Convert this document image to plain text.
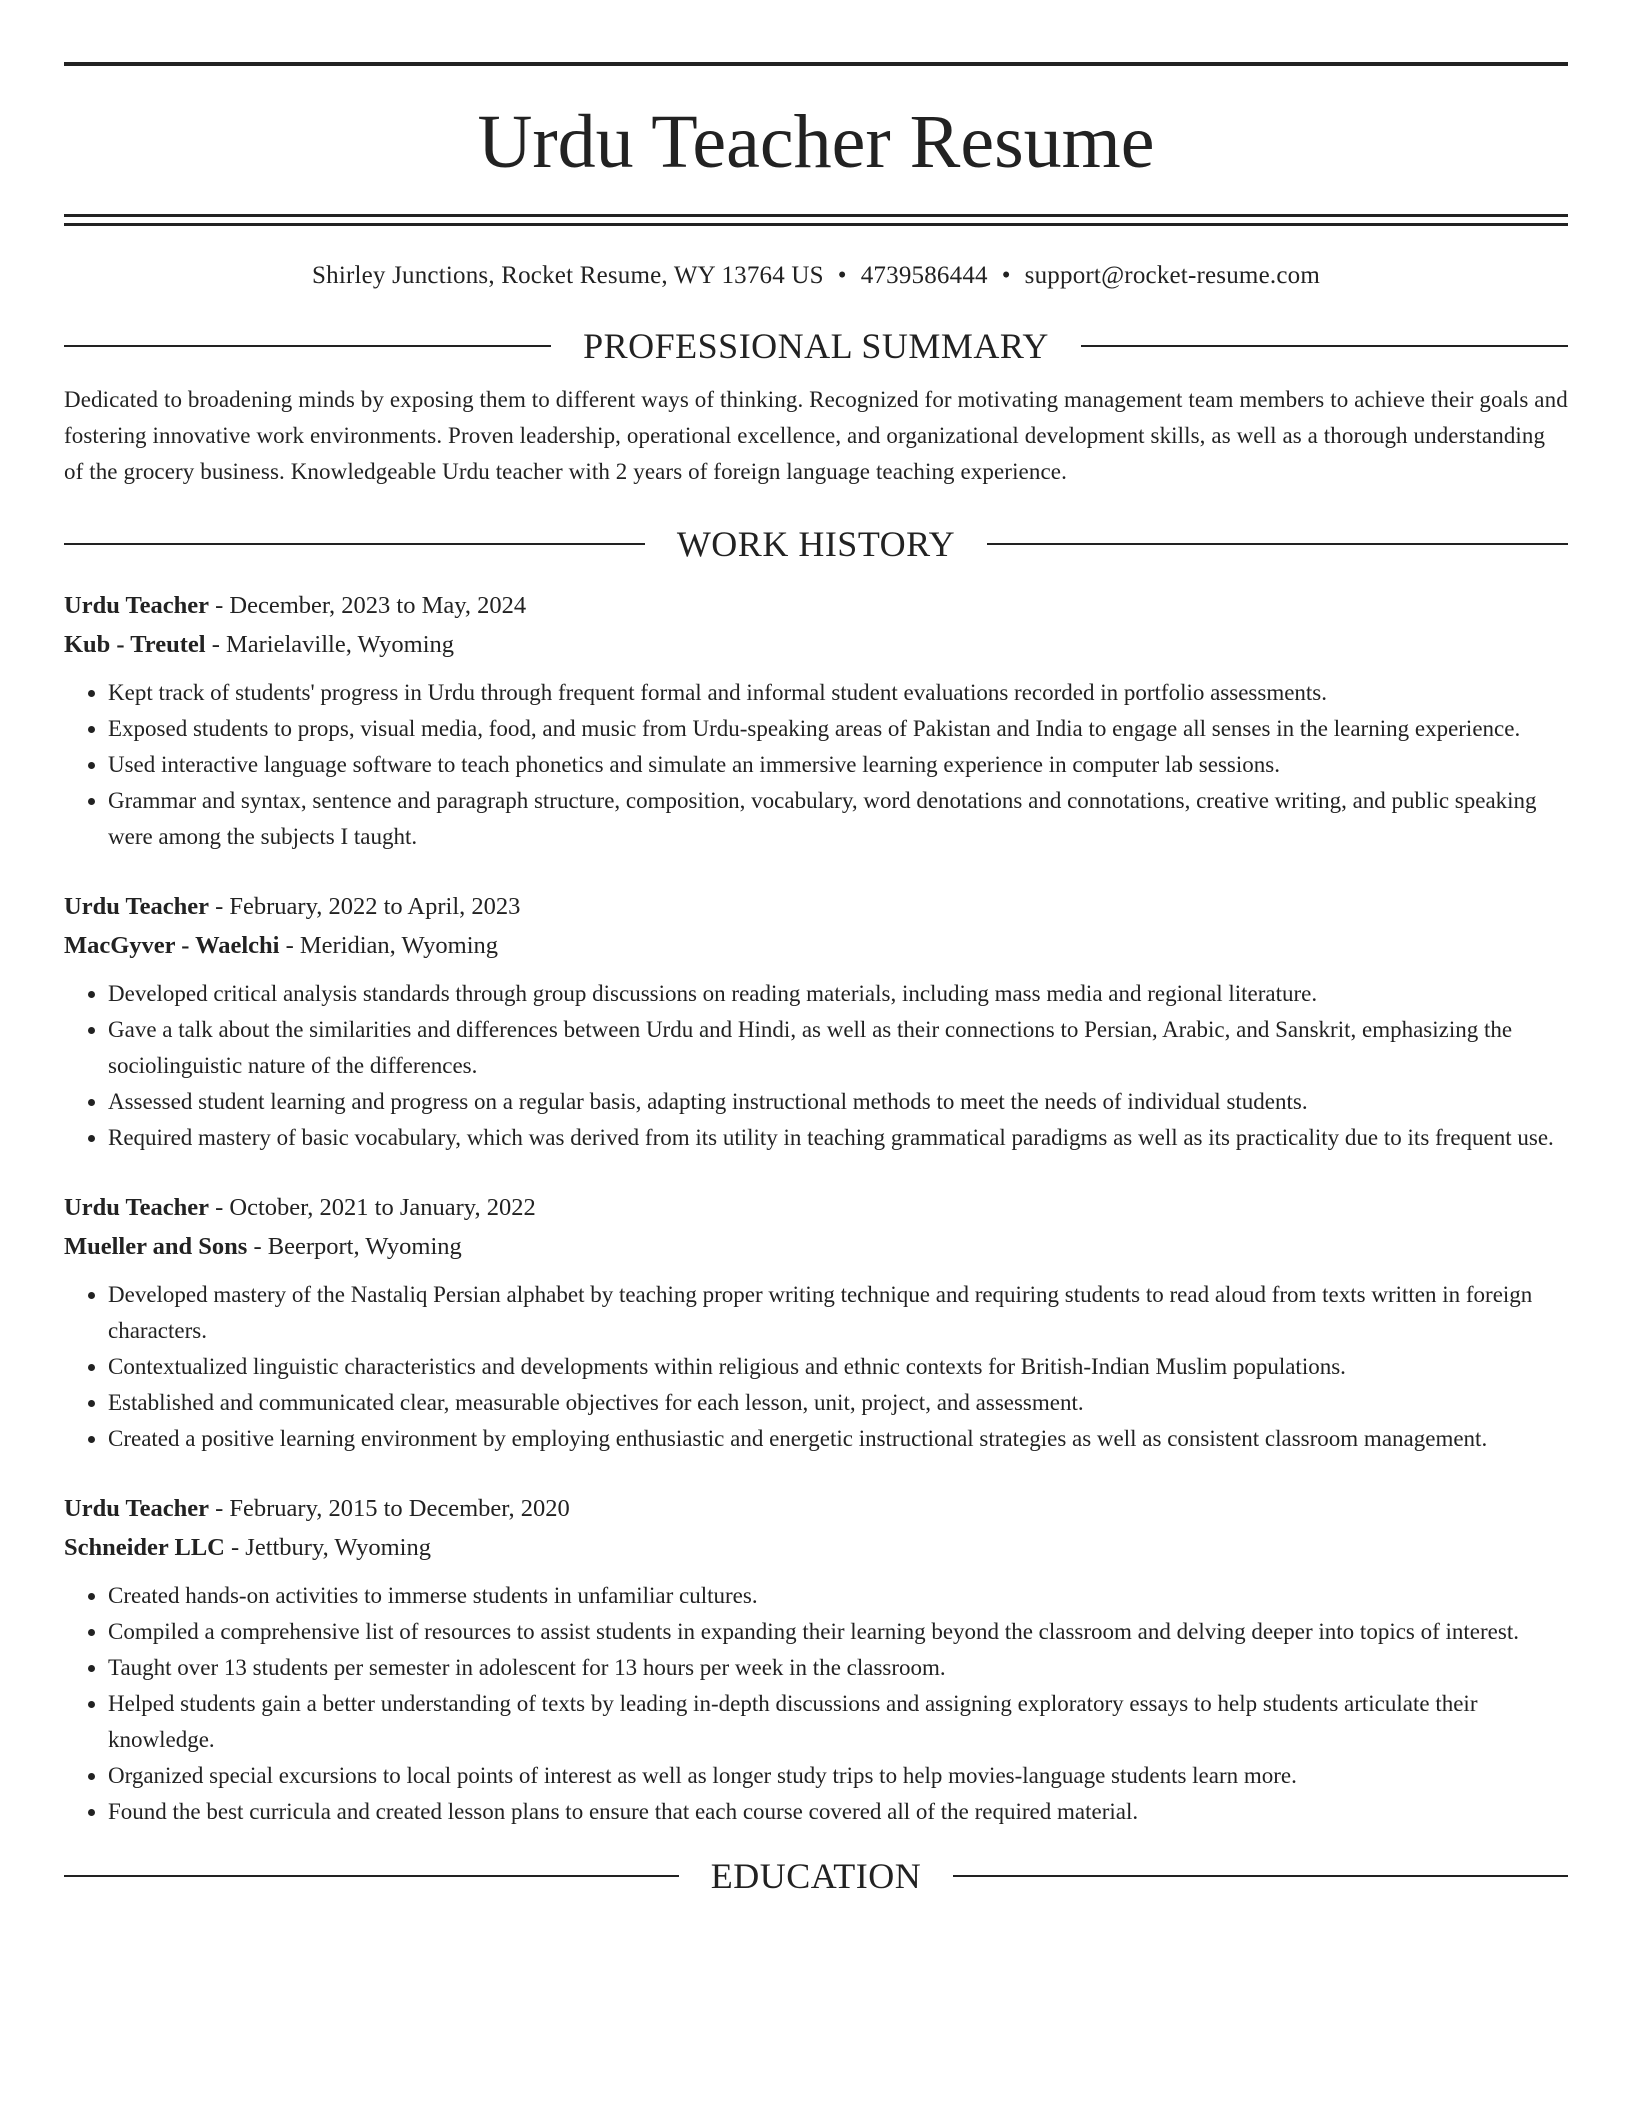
Urdu Teacher Resume
Shirley Junctions, Rocket Resume, WY 13764 US • 4739586444 • support@rocket-resume.com
PROFESSIONAL SUMMARY
Dedicated to broadening minds by exposing them to different ways of thinking. Recognized for motivating management team members to achieve their goals and fostering innovative work environments. Proven leadership, operational excellence, and organizational development skills, as well as a thorough understanding of the grocery business. Knowledgeable Urdu teacher with 2 years of foreign language teaching experience.
WORK HISTORY
Urdu Teacher - December, 2023 to May, 2024
Kub - Treutel - Marielaville, Wyoming
• Kept track of students' progress in Urdu through frequent formal and informal student evaluations recorded in portfolio assessments.
• Exposed students to props, visual media, food, and music from Urdu-speaking areas of Pakistan and India to engage all senses in the learning experience.
• Used interactive language software to teach phonetics and simulate an immersive learning experience in computer lab sessions.
• Grammar and syntax, sentence and paragraph structure, composition, vocabulary, word denotations and connotations, creative writing, and public speaking were among the subjects I taught.
Urdu Teacher - February, 2022 to April, 2023
MacGyver - Waelchi - Meridian, Wyoming
• Developed critical analysis standards through group discussions on reading materials, including mass media and regional literature.
• Gave a talk about the similarities and differences between Urdu and Hindi, as well as their connections to Persian, Arabic, and Sanskrit, emphasizing the sociolinguistic nature of the differences.
• Assessed student learning and progress on a regular basis, adapting instructional methods to meet the needs of individual students.
• Required mastery of basic vocabulary, which was derived from its utility in teaching grammatical paradigms as well as its practicality due to its frequent use.
Urdu Teacher - October, 2021 to January, 2022
Mueller and Sons - Beerport, Wyoming
• Developed mastery of the Nastaliq Persian alphabet by teaching proper writing technique and requiring students to read aloud from texts written in foreign characters.
• Contextualized linguistic characteristics and developments within religious and ethnic contexts for British-Indian Muslim populations.
• Established and communicated clear, measurable objectives for each lesson, unit, project, and assessment.
• Created a positive learning environment by employing enthusiastic and energetic instructional strategies as well as consistent classroom management.
Urdu Teacher - February, 2015 to December, 2020
Schneider LLC - Jettbury, Wyoming
• Created hands-on activities to immerse students in unfamiliar cultures.
• Compiled a comprehensive list of resources to assist students in expanding their learning beyond the classroom and delving deeper into topics of interest.
• Taught over 13 students per semester in adolescent for 13 hours per week in the classroom.
• Helped students gain a better understanding of texts by leading in-depth discussions and assigning exploratory essays to help students articulate their knowledge.
• Organized special excursions to local points of interest as well as longer study trips to help movies-language students learn more.
• Found the best curricula and created lesson plans to ensure that each course covered all of the required material.
EDUCATION
